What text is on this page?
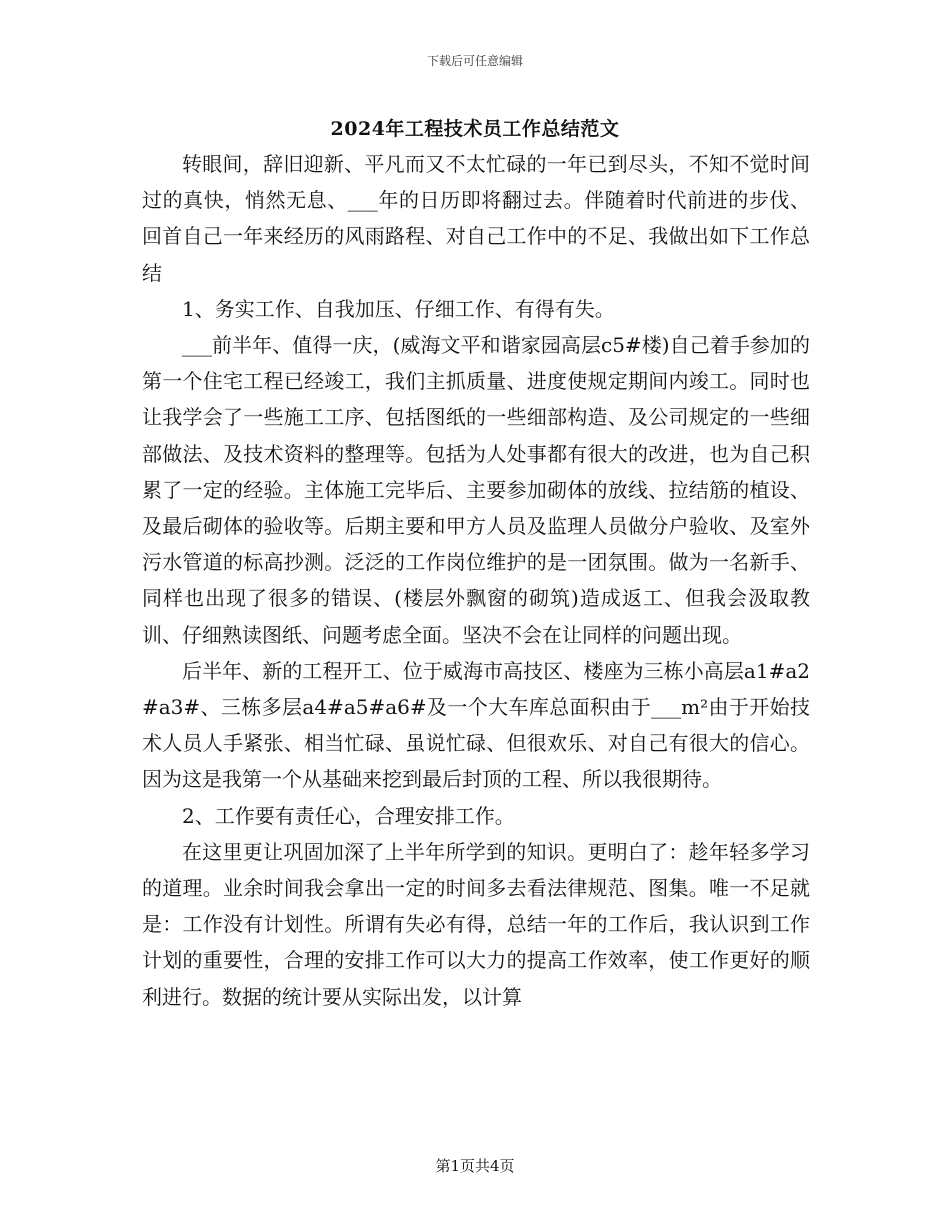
下载后可任意编辑
2024年工程技术员工作总结范文

转眼间，辞旧迎新、平凡而又不太忙碌的一年已到尽头，不知不觉时间过的真快，悄然无息、___年的日历即将翻过去。伴随着时代前进的步伐、回首自己一年来经历的风雨路程、对自己工作中的不足、我做出如下工作总结

1、务实工作、自我加压、仔细工作、有得有失。

___前半年、值得一庆，(威海文平和谐家园高层c5#楼)自己着手参加的第一个住宅工程已经竣工，我们主抓质量、进度使规定期间内竣工。同时也让我学会了一些施工工序、包括图纸的一些细部构造、及公司规定的一些细部做法、及技术资料的整理等。包括为人处事都有很大的改进，也为自己积累了一定的经验。主体施工完毕后、主要参加砌体的放线、拉结筋的植设、及最后砌体的验收等。后期主要和甲方人员及监理人员做分户验收、及室外污水管道的标高抄测。泛泛的工作岗位维护的是一团氛围。做为一名新手、同样也出现了很多的错误、(楼层外飘窗的砌筑)造成返工、但我会汲取教训、仔细熟读图纸、问题考虑全面。坚决不会在让同样的问题出现。

后半年、新的工程开工、位于威海市高技区、楼座为三栋小高层a1#a2#a3#、三栋多层a4#a5#a6#及一个大车库总面积由于___m²由于开始技术人员人手紧张、相当忙碌、虽说忙碌、但很欢乐、对自己有很大的信心。因为这是我第一个从基础来挖到最后封顶的工程、所以我很期待。

2、工作要有责任心，合理安排工作。

在这里更让巩固加深了上半年所学到的知识。更明白了：趁年轻多学习的道理。业余时间我会拿出一定的时间多去看法律规范、图集。唯一不足就是：工作没有计划性。所谓有失必有得，总结一年的工作后，我认识到工作计划的重要性，合理的安排工作可以大力的提高工作效率，使工作更好的顺利进行。数据的统计要从实际出发，以计算

第1页共4页
